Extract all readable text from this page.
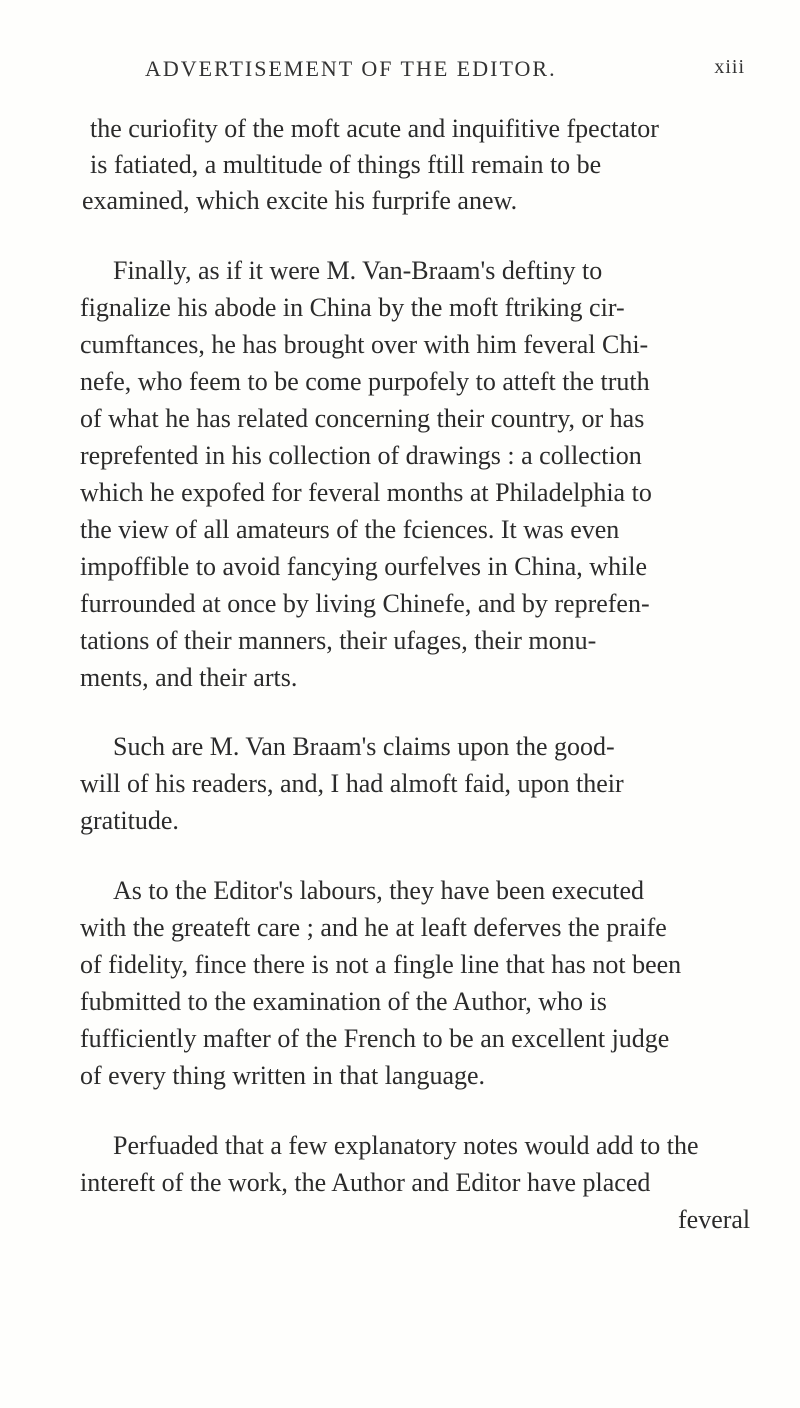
ADVERTISEMENT OF THE EDITOR.	xiii
the curiofity of the moft acute and inquifitive fpectator
is fatiated, a multitude of things ftill remain to be
examined, which excite his furprife anew.
Finally, as if it were M. Van-Braam's deftiny to
fignalize his abode in China by the moft ftriking cir-
cumftances, he has brought over with him feveral Chi-
nefe, who feem to be come purpofely to atteft the truth
of what he has related concerning their country, or has
reprefented in his collection of drawings : a collection
which he expofed for feveral months at Philadelphia to
the view of all amateurs of the fciences. It was even
impoffible to avoid fancying ourfelves in China, while
furrounded at once by living Chinefe, and by reprefen-
tations of their manners, their ufages, their monu-
ments, and their arts.
Such are M. Van Braam's claims upon the good-
will of his readers, and, I had almoft faid, upon their
gratitude.
As to the Editor's labours, they have been executed
with the greateft care ; and he at leaft deferves the praife
of fidelity, fince there is not a fingle line that has not been
fubmitted to the examination of the Author, who is
fufficiently mafter of the French to be an excellent judge
of every thing written in that language.
Perfuaded that a few explanatory notes would add to the
intereft of the work, the Author and Editor have placed
feveral
